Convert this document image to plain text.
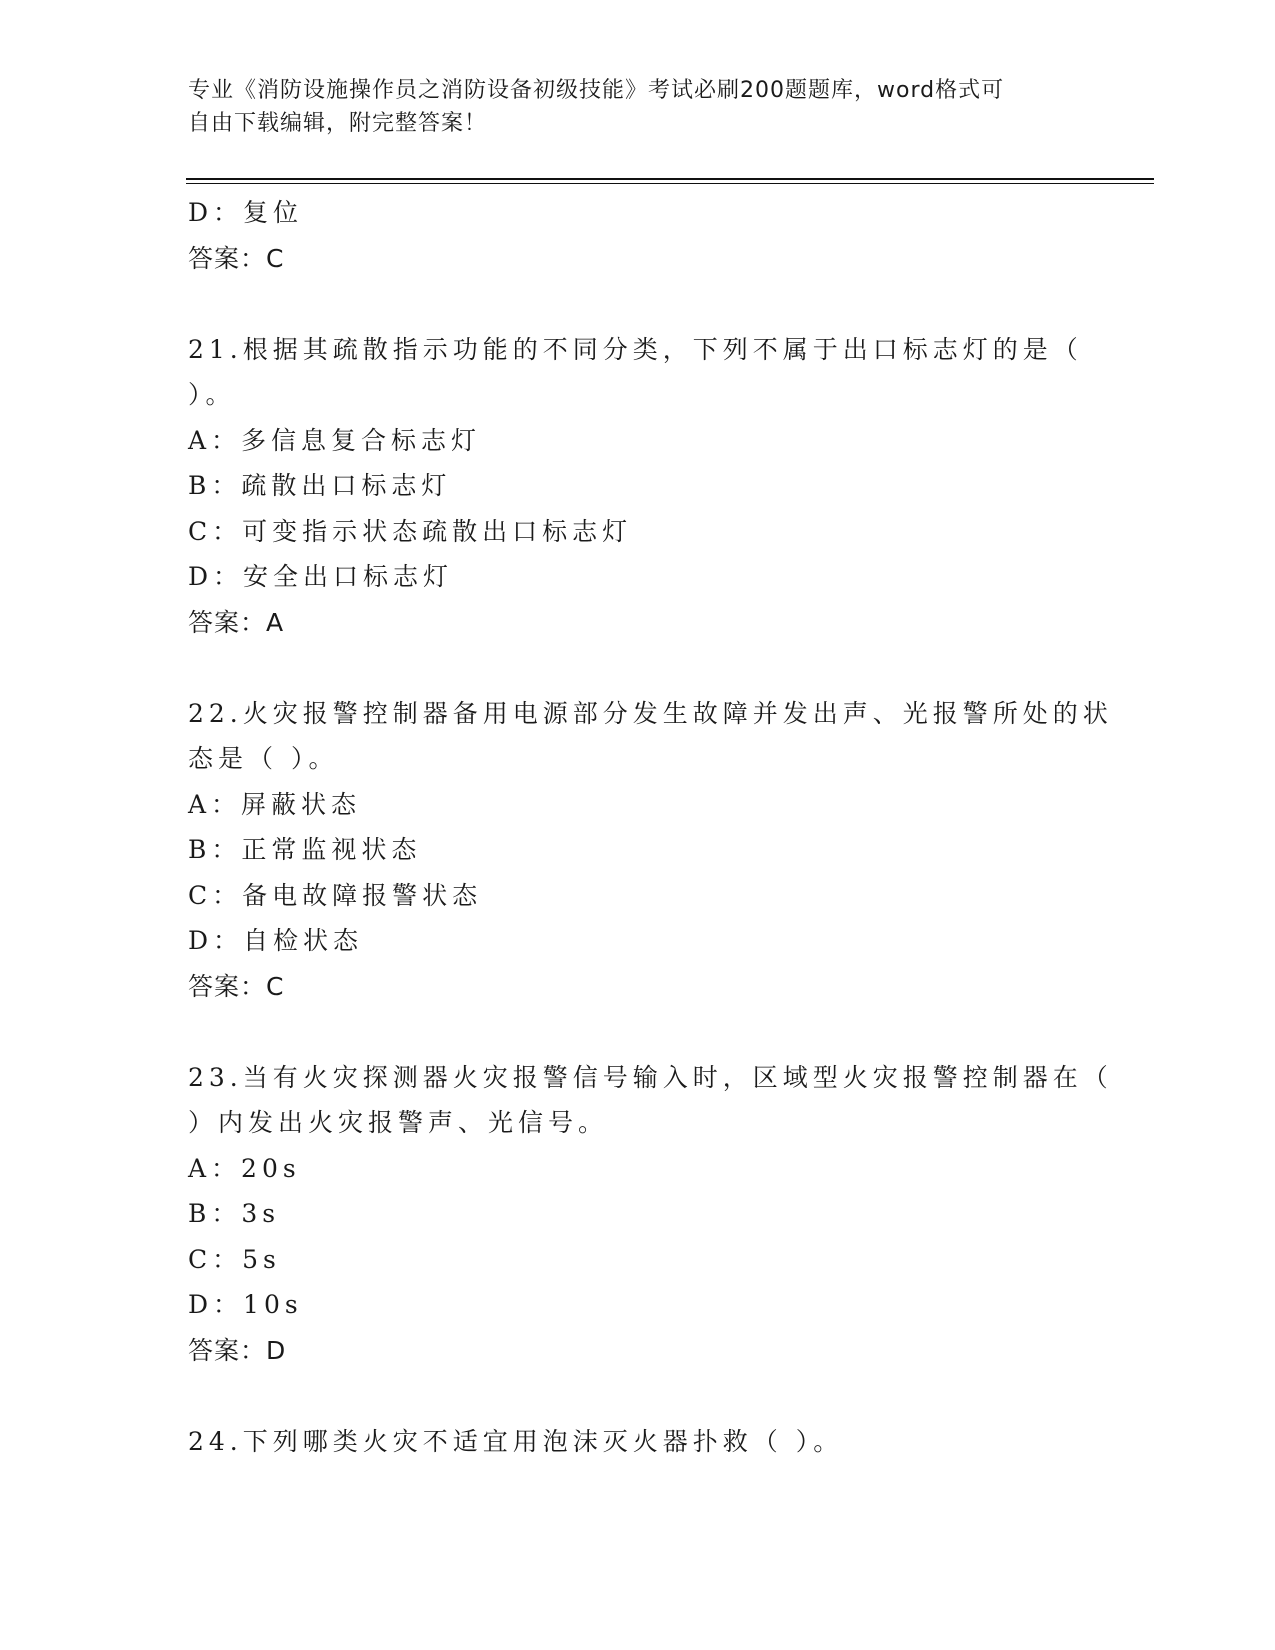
专业《消防设施操作员之消防设备初级技能》考试必刷200题题库，word格式可
自由下载编辑，附完整答案！
D：复位
答案：C
21.根据其疏散指示功能的不同分类，下列不属于出口标志灯的是（
）。
A：多信息复合标志灯
B：疏散出口标志灯
C：可变指示状态疏散出口标志灯
D：安全出口标志灯
答案：A
22.火灾报警控制器备用电源部分发生故障并发出声、光报警所处的状
态是（ ）。
A：屏蔽状态
B：正常监视状态
C：备电故障报警状态
D：自检状态
答案：C
23.当有火灾探测器火灾报警信号输入时，区域型火灾报警控制器在（
）内发出火灾报警声、光信号。
A：20s
B：3s
C：5s
D：10s
答案：D
24.下列哪类火灾不适宜用泡沫灭火器扑救（ ）。
